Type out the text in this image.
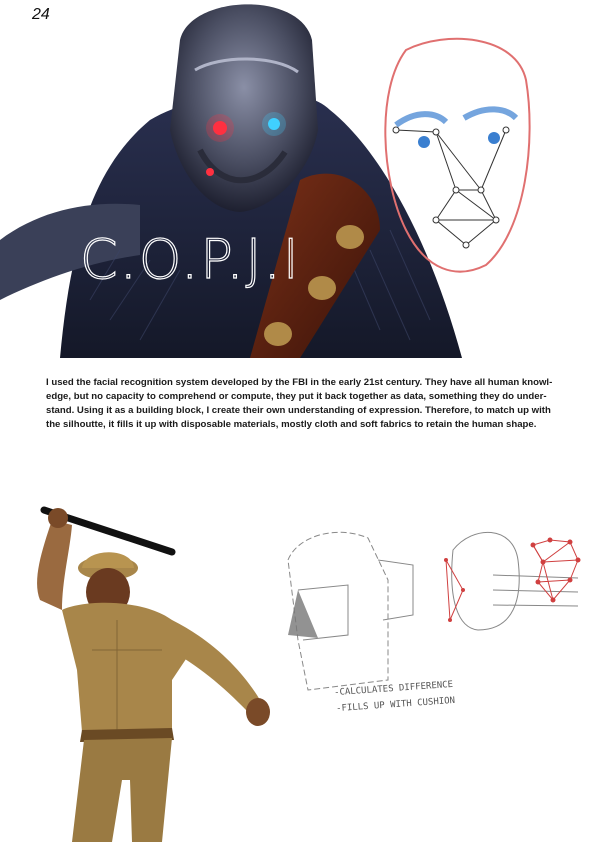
24
C.O.P.J.I

I used the facial recognition system developed by the FBI in the early 21st century. They have all human knowl-edge, but no capacity to comprehend or compute, they put it back together as data, something they do under-stand. Using it as a building block, I create their own understanding of expression. Therefore, to match up with the silhoutte, it fills it up with disposable materials, mostly cloth and soft fabrics to retain the human shape.

-CALCULATES DIFFERENCE
-FILLS UP WITH CUSHION
